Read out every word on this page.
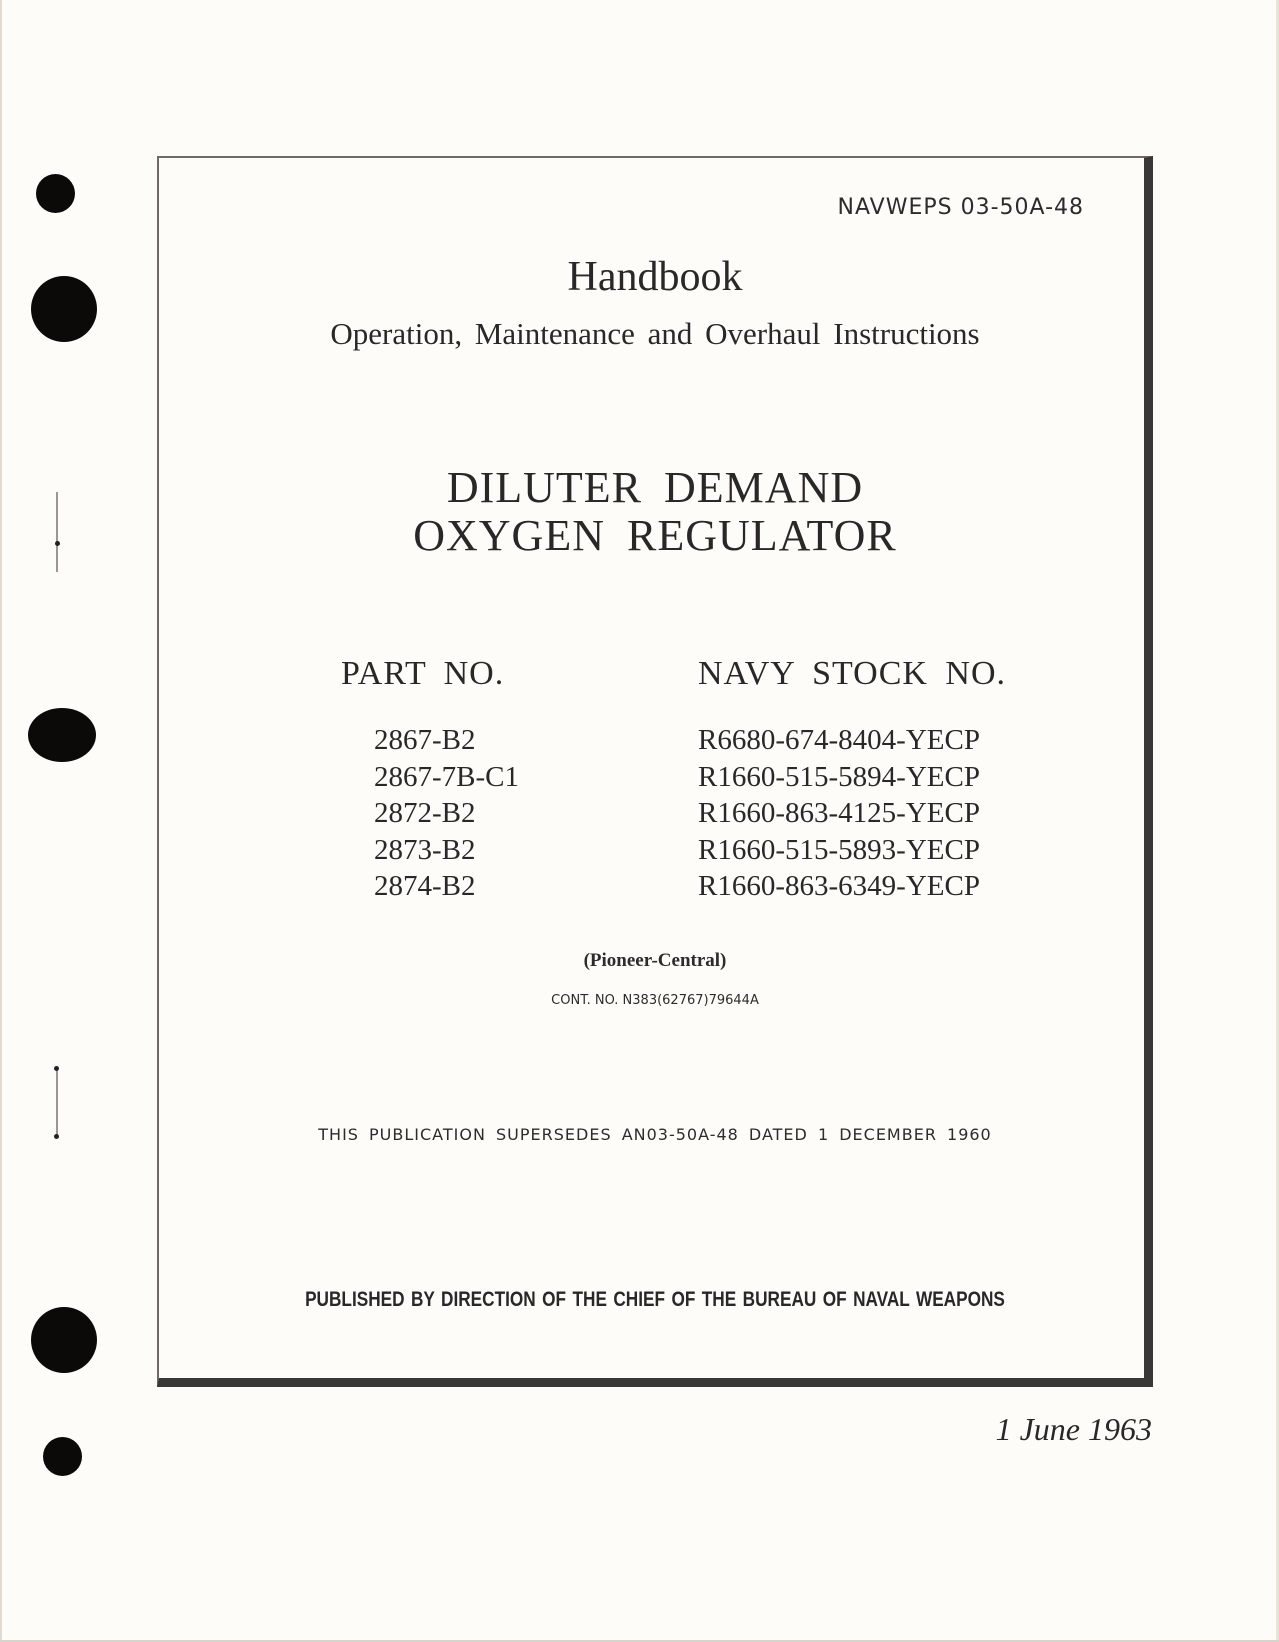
NAVWEPS 03-50A-48
Handbook
Operation, Maintenance and Overhaul Instructions
DILUTER DEMAND
OXYGEN REGULATOR
PART NO.	NAVY STOCK NO.
2867-B2
2867-7B-C1
2872-B2
2873-B2
2874-B2
R6680-674-8404-YECP
R1660-515-5894-YECP
R1660-863-4125-YECP
R1660-515-5893-YECP
R1660-863-6349-YECP
(Pioneer-Central)
CONT. NO. N383(62767)79644A
THIS PUBLICATION SUPERSEDES AN03-50A-48 DATED 1 DECEMBER 1960
PUBLISHED BY DIRECTION OF THE CHIEF OF THE BUREAU OF NAVAL WEAPONS
1 June 1963
